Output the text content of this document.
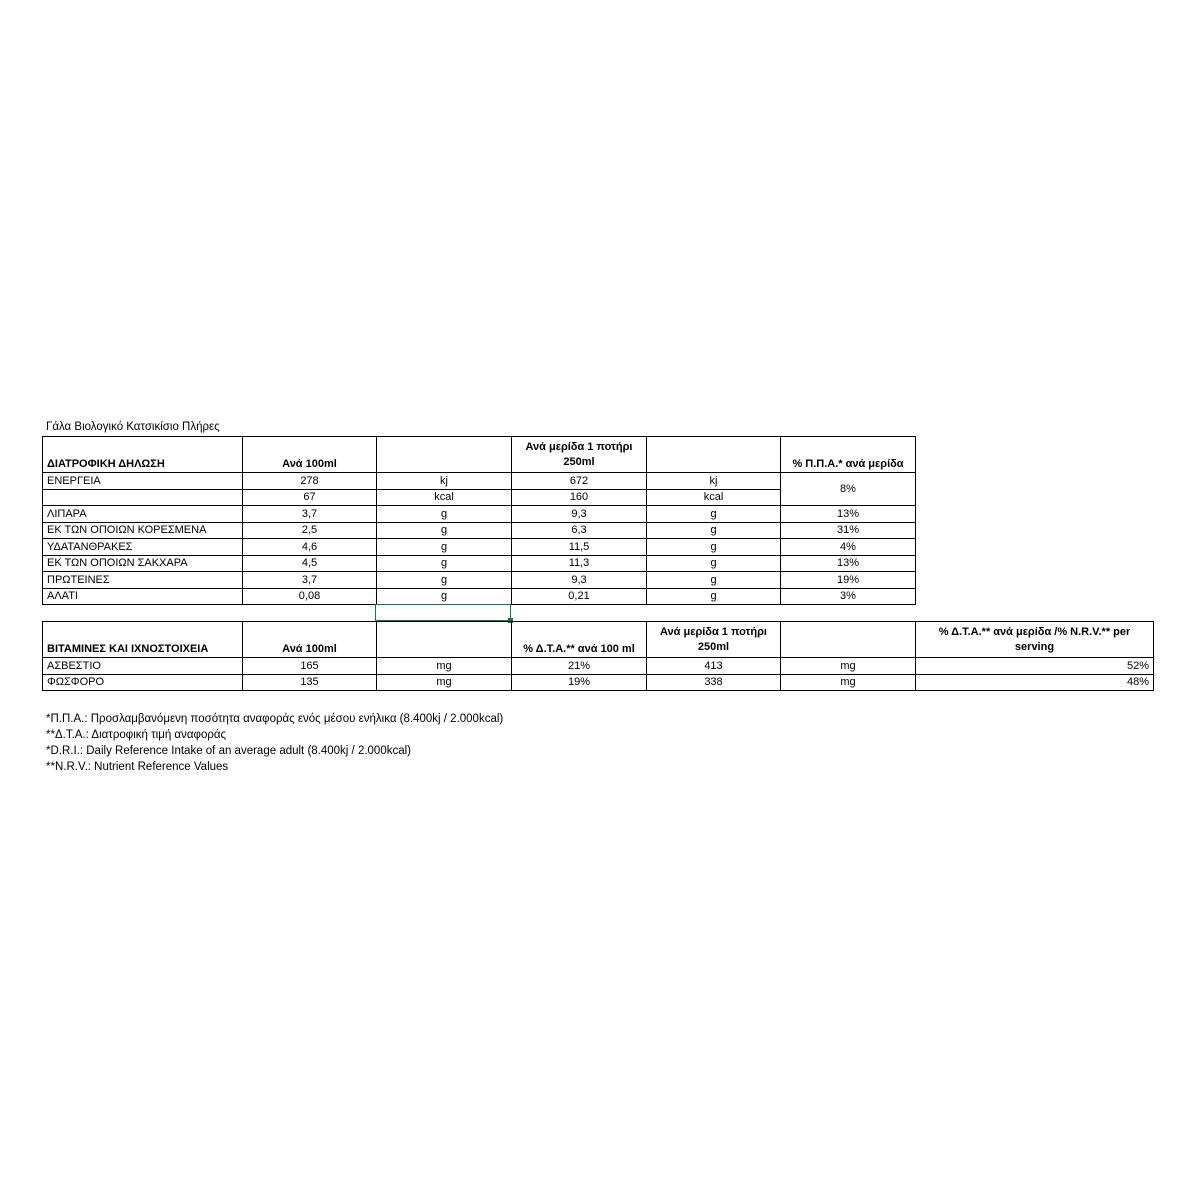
Γάλα Βιολογικό Κατσικίσιο Πλήρες
ΔΙΑΤΡΟΦΙΚΗ ΔΗΛΩΣΗ	Ανά 100ml		Ανά μερίδα 1 ποτήρι 250ml		% Π.Π.Α.* ανά μερίδα
ΕΝΕΡΓΕΙΑ	278	kj	672	kj	8%
	67	kcal	160	kcal	
ΛΙΠΑΡΑ	3,7	g	9,3	g	13%
ΕΚ ΤΩΝ ΟΠΟΙΩΝ ΚΟΡΕΣΜΕΝΑ	2,5	g	6,3	g	31%
ΥΔΑΤΑΝΘΡΑΚΕΣ	4,6	g	11,5	g	4%
ΕΚ ΤΩΝ ΟΠΟΙΩΝ ΣΑΚΧΑΡΑ	4,5	g	11,3	g	13%
ΠΡΩΤΕΙΝΕΣ	3,7	g	9,3	g	19%
ΑΛΑΤΙ	0,08	g	0,21	g	3%
ΒΙΤΑΜΙΝΕΣ ΚΑΙ ΙΧΝΟΣΤΟΙΧΕΙΑ	Ανά 100ml		% Δ.Τ.Α.** ανά 100 ml	Ανά μερίδα 1 ποτήρι 250ml		% Δ.Τ.Α.** ανά μερίδα /% N.R.V.** per serving
ΑΣΒΕΣΤΙΟ	165	mg	21%	413	mg	52%
ΦΩΣΦΟΡΟ	135	mg	19%	338	mg	48%
*Π.Π.Α.: Προσλαμβανόμενη ποσότητα αναφοράς ενός μέσου ενήλικα (8.400kj / 2.000kcal)
**Δ.Τ.Α.: Διατροφική τιμή αναφοράς
*D.R.I.: Daily Reference Intake of an average adult (8.400kj / 2.000kcal)
**N.R.V.: Nutrient Reference Values
